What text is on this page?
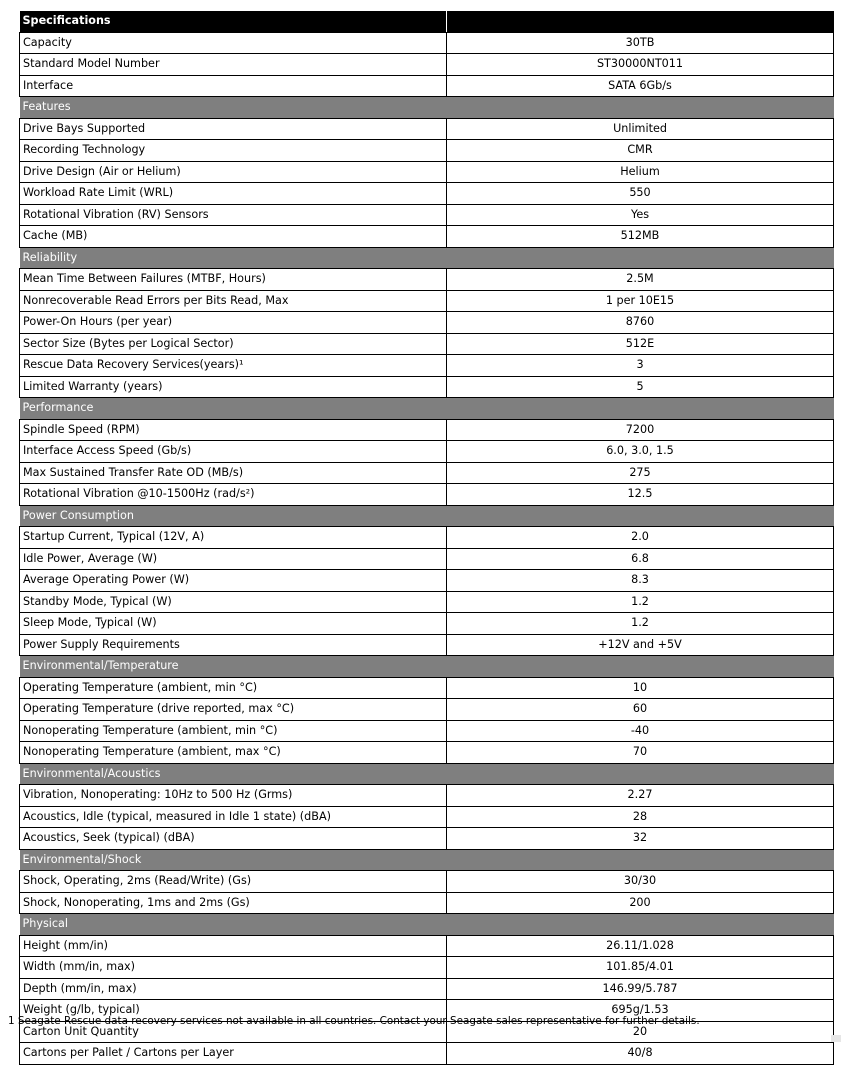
Specifications	
Capacity	30TB
Standard Model Number	ST30000NT011
Interface	SATA 6Gb/s
Features	
Drive Bays Supported	Unlimited
Recording Technology	CMR
Drive Design (Air or Helium)	Helium
Workload Rate Limit (WRL)	550
Rotational Vibration (RV) Sensors	Yes
Cache (MB)	512MB
Reliability	
Mean Time Between Failures (MTBF, Hours)	2.5M
Nonrecoverable Read Errors per Bits Read, Max	1 per 10E15
Power-On Hours (per year)	8760
Sector Size (Bytes per Logical Sector)	512E
Rescue Data Recovery Services(years)¹	3
Limited Warranty (years)	5
Performance	
Spindle Speed (RPM)	7200
Interface Access Speed (Gb/s)	6.0, 3.0, 1.5
Max Sustained Transfer Rate OD (MB/s)	275
Rotational Vibration @10-1500Hz (rad/s²)	12.5
Power Consumption	
Startup Current, Typical (12V, A)	2.0
Idle Power, Average (W)	6.8
Average Operating Power (W)	8.3
Standby Mode, Typical (W)	1.2
Sleep Mode, Typical (W)	1.2
Power Supply Requirements	+12V and +5V
Environmental/Temperature	
Operating Temperature (ambient, min °C)	10
Operating Temperature (drive reported, max °C)	60
Nonoperating Temperature (ambient, min °C)	-40
Nonoperating Temperature (ambient, max °C)	70
Environmental/Acoustics	
Vibration, Nonoperating: 10Hz to 500 Hz (Grms)	2.27
Acoustics, Idle (typical, measured in Idle 1 state) (dBA)	28
Acoustics, Seek (typical) (dBA)	32
Environmental/Shock	
Shock, Operating, 2ms (Read/Write) (Gs)	30/30
Shock, Nonoperating, 1ms and 2ms (Gs)	200
Physical	
Height (mm/in)	26.11/1.028
Width (mm/in, max)	101.85/4.01
Depth (mm/in, max)	146.99/5.787
Weight (g/lb, typical)	695g/1.53
Carton Unit Quantity	20
Cartons per Pallet / Cartons per Layer	40/8
1 Seagate Rescue data recovery services not available in all countries. Contact your Seagate sales representative for further details.
